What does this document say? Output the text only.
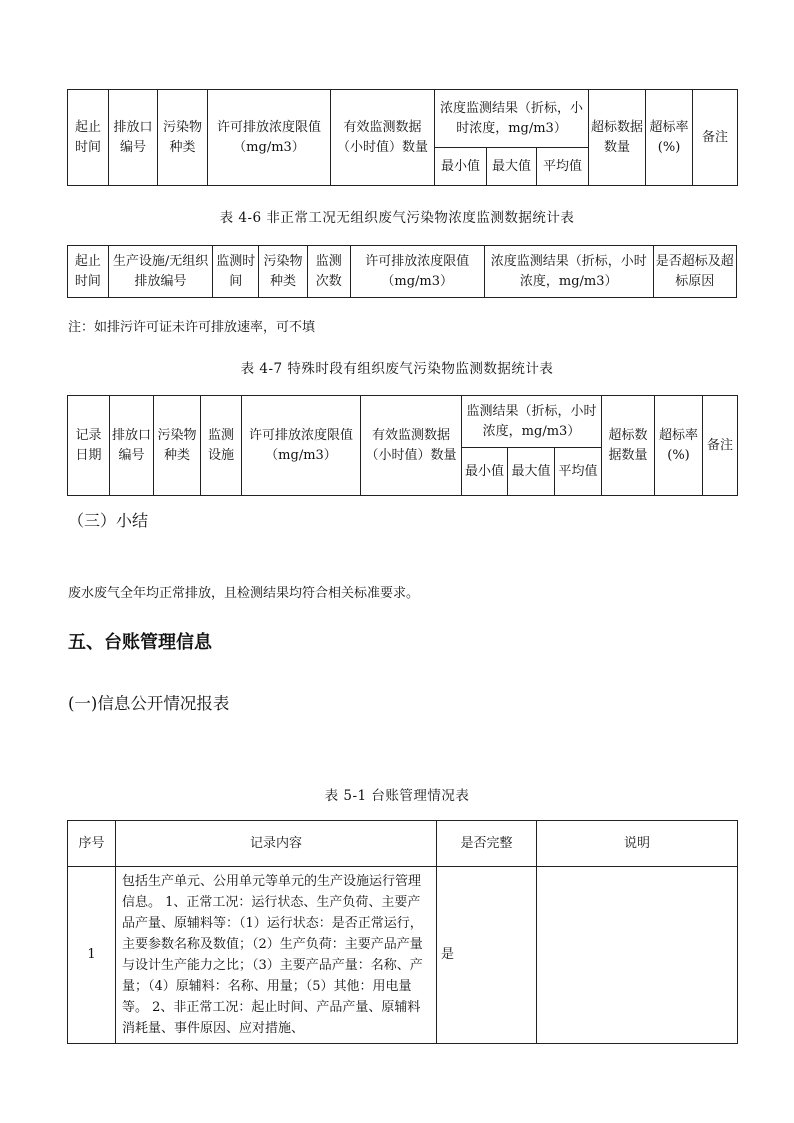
起止时间	排放口编号	污染物种类	许可排放浓度限值（mg/m3）	有效监测数据（小时值）数量	浓度监测结果（折标，小时浓度，mg/m3）			超标数据数量	超标率(%)	备注
					最小值	最大值	平均值			
表 4-6 非正常工况无组织废气污染物浓度监测数据统计表
起止时间	生产设施/无组织排放编号	监测时间	污染物种类	监测次数	许可排放浓度限值（mg/m3）	浓度监测结果（折标，小时浓度，mg/m3）	是否超标及超标原因
注：如排污许可证未许可排放速率，可不填
表 4-7 特殊时段有组织废气污染物监测数据统计表
记录日期	排放口编号	污染物种类	监测设施	许可排放浓度限值（mg/m3）	有效监测数据（小时值）数量	监测结果（折标，小时浓度，mg/m3）			超标数据数量	超标率(%)	备注
						最小值	最大值	平均值			
（三）小结
废水废气全年均正常排放，且检测结果均符合相关标准要求。
五、台账管理信息
(一)信息公开情况报表
表 5-1 台账管理情况表
序号	记录内容	是否完整	说明
1	包括生产单元、公用单元等单元的生产设施运行管理信息。 1、正常工况：运行状态、生产负荷、主要产品产量、原辅料等：（1）运行状态：是否正常运行，主要参数名称及数值；（2）生产负荷：主要产品产量与设计生产能力之比；（3）主要产品产量：名称、产量；（4）原辅料：名称、用量；（5）其他：用电量等。 2、非正常工况：起止时间、产品产量、原辅料消耗量、事件原因、应对措施、	是	
